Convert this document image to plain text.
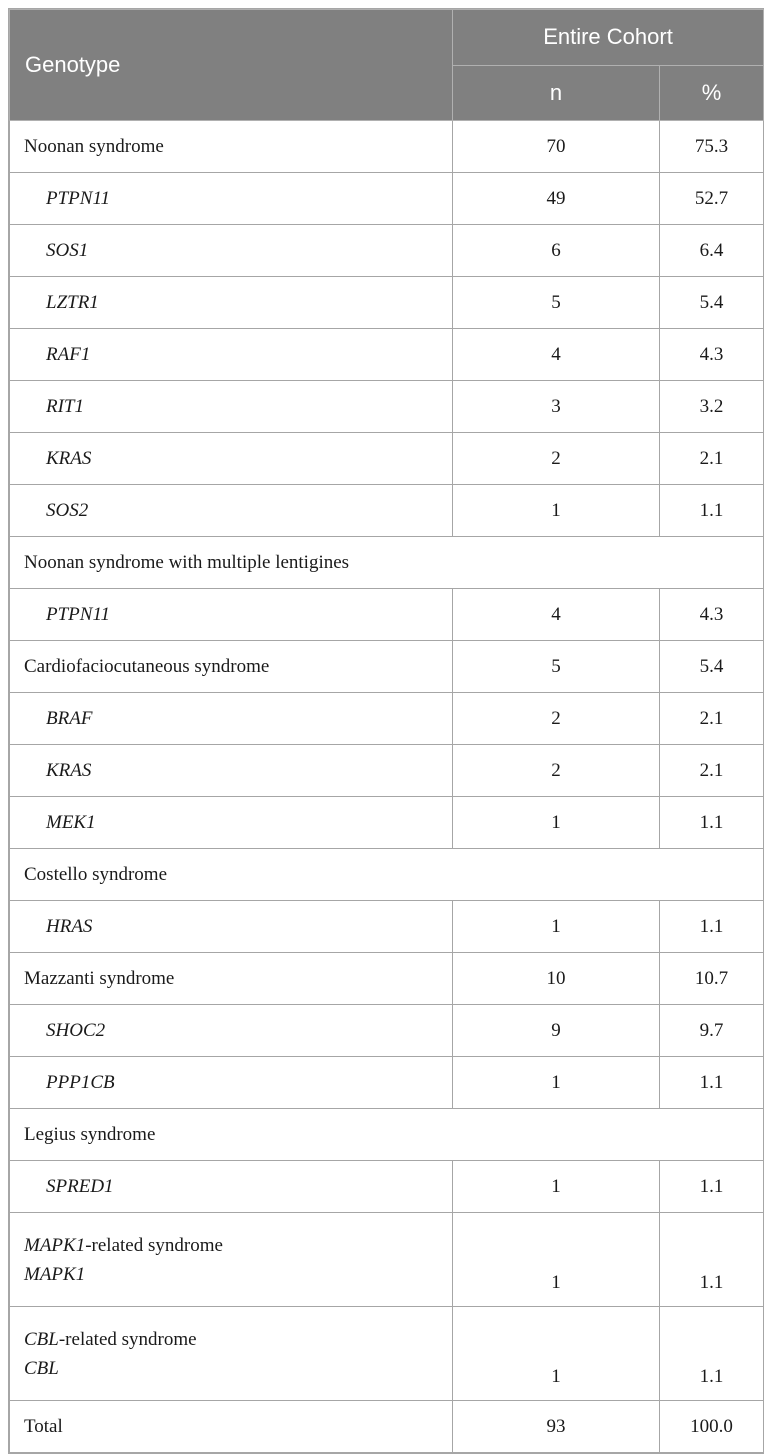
Genotype	Entire Cohort	
	n	%
Noonan syndrome	70	75.3
PTPN11	49	52.7
SOS1	6	6.4
LZTR1	5	5.4
RAF1	4	4.3
RIT1	3	3.2
KRAS	2	2.1
SOS2	1	1.1
Noonan syndrome with multiple lentigines		
PTPN11	4	4.3
Cardiofaciocutaneous syndrome	5	5.4
BRAF	2	2.1
KRAS	2	2.1
MEK1	1	1.1
Costello syndrome		
HRAS	1	1.1
Mazzanti syndrome	10	10.7
SHOC2	9	9.7
PPP1CB	1	1.1
Legius syndrome		
SPRED1	1	1.1

MAPK1-related syndrome
MAPK1	1	1.1

CBL-related syndrome
CBL	1	1.1
Total	93	100.0
